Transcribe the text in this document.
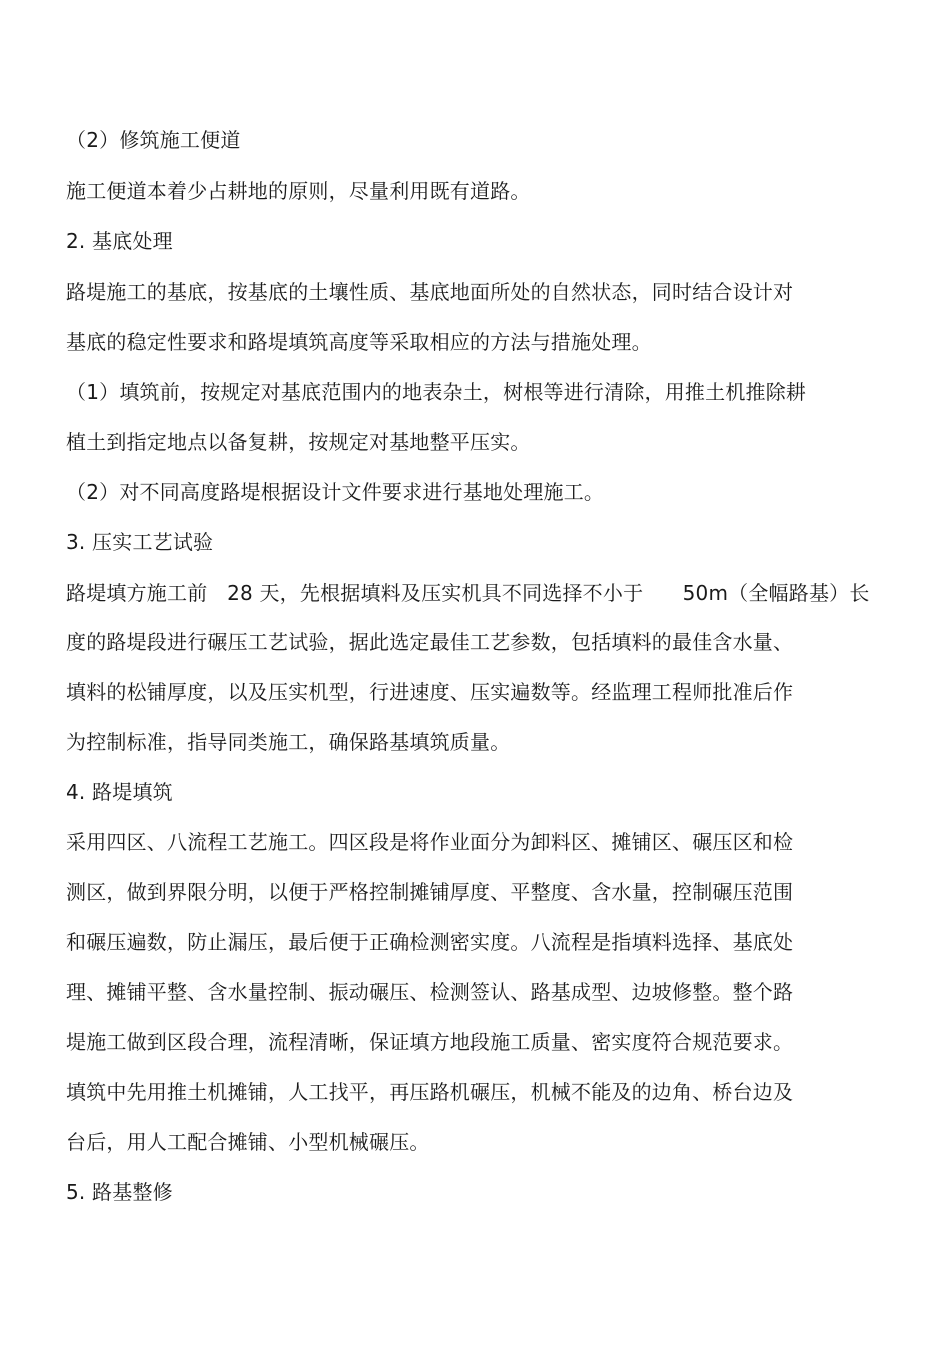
（2）修筑施工便道
施工便道本着少占耕地的原则，尽量利用既有道路。
2. 基底处理
路堤施工的基底，按基底的土壤性质、基底地面所处的自然状态，同时结合设计对
基底的稳定性要求和路堤填筑高度等采取相应的方法与措施处理。
（1）填筑前，按规定对基底范围内的地表杂土，树根等进行清除，用推土机推除耕
植土到指定地点以备复耕，按规定对基地整平压实。
（2）对不同高度路堤根据设计文件要求进行基地处理施工。
3. 压实工艺试验
路堤填方施工前   28 天，先根据填料及压实机具不同选择不小于      50m（全幅路基）长
度的路堤段进行碾压工艺试验，据此选定最佳工艺参数，包括填料的最佳含水量、
填料的松铺厚度，以及压实机型，行进速度、压实遍数等。经监理工程师批准后作
为控制标准，指导同类施工，确保路基填筑质量。
4. 路堤填筑
采用四区、八流程工艺施工。四区段是将作业面分为卸料区、摊铺区、碾压区和检
测区，做到界限分明，以便于严格控制摊铺厚度、平整度、含水量，控制碾压范围
和碾压遍数，防止漏压，最后便于正确检测密实度。八流程是指填料选择、基底处
理、摊铺平整、含水量控制、振动碾压、检测签认、路基成型、边坡修整。整个路
堤施工做到区段合理，流程清晰，保证填方地段施工质量、密实度符合规范要求。
填筑中先用推土机摊铺，人工找平，再压路机碾压，机械不能及的边角、桥台边及
台后，用人工配合摊铺、小型机械碾压。
5. 路基整修
